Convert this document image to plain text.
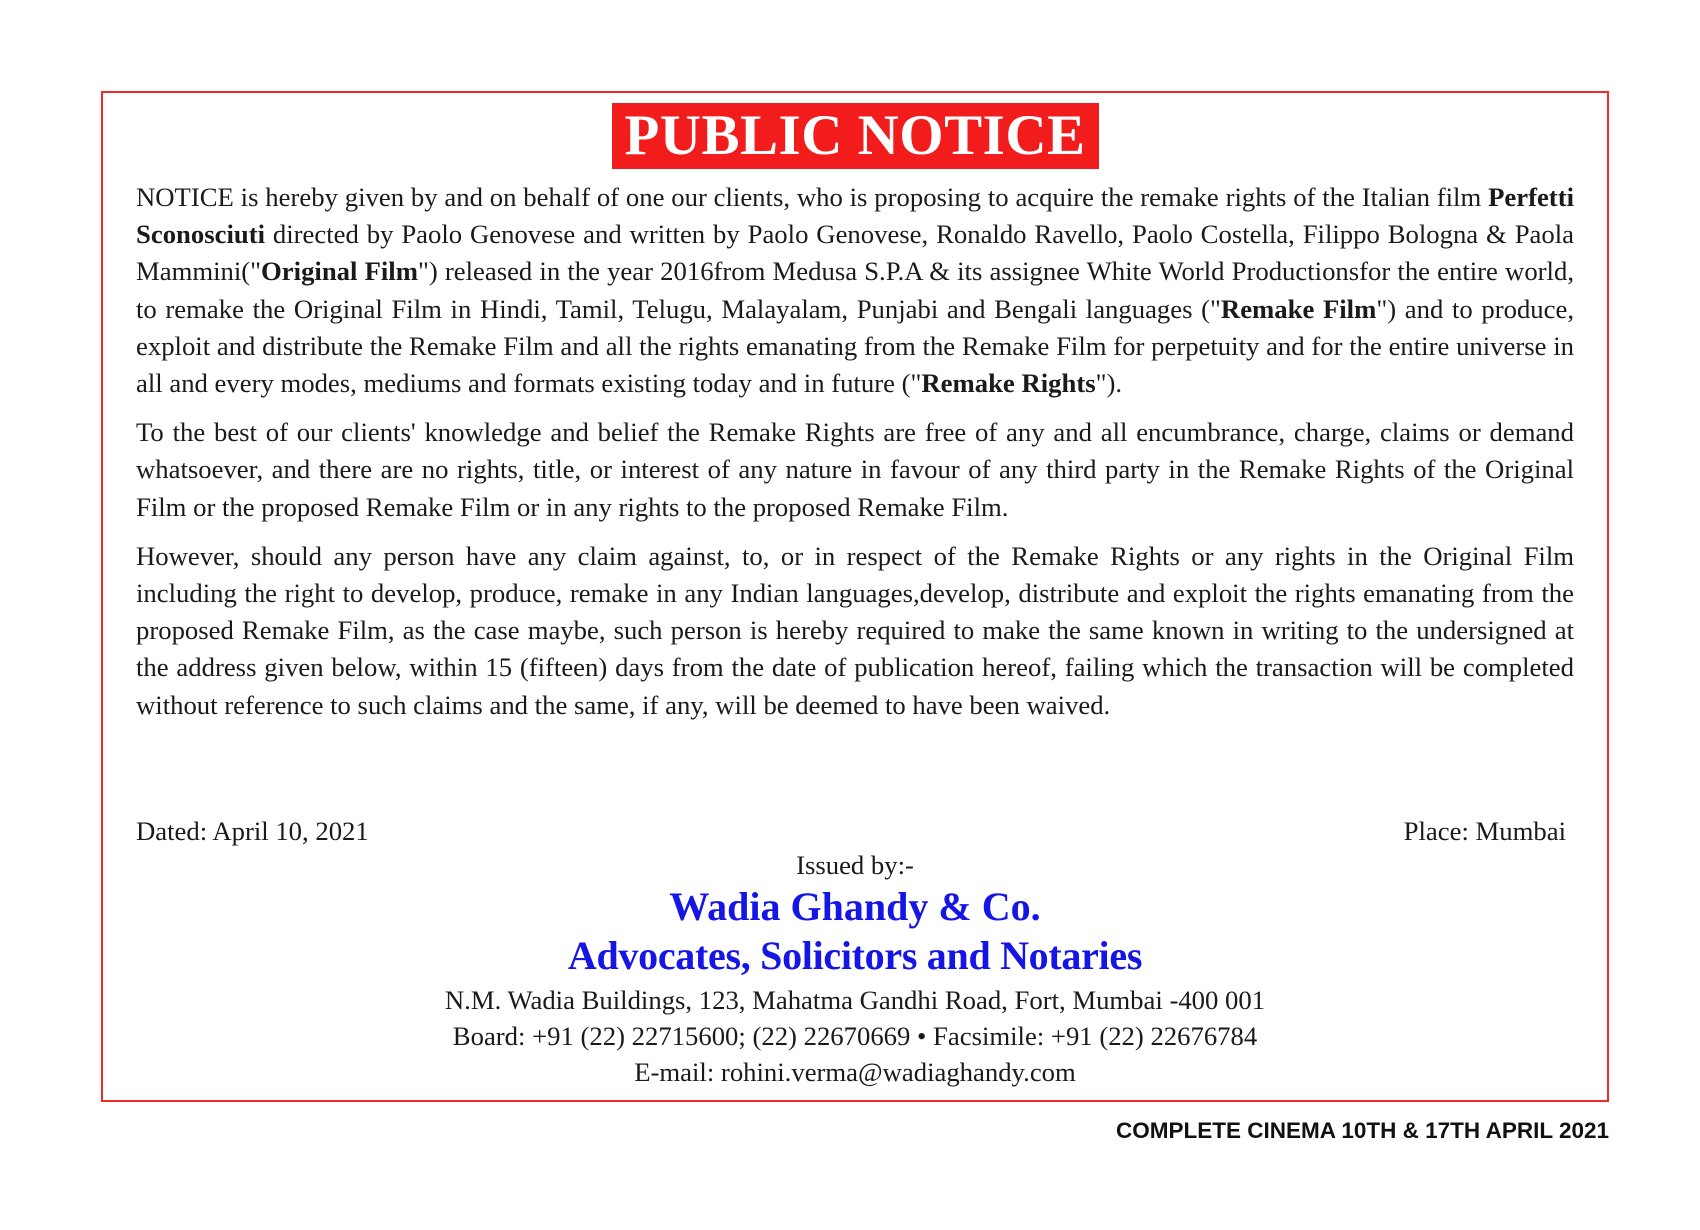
PUBLIC NOTICE

NOTICE is hereby given by and on behalf of one our clients, who is proposing to acquire the remake rights of the Italian film Perfetti Sconosciuti directed by Paolo Genovese and written by Paolo Genovese, Ronaldo Ravello, Paolo Costella, Filippo Bologna & Paola Mammini("Original Film") released in the year 2016from Medusa S.P.A & its assignee White World Productionsfor the entire world, to remake the Original Film in Hindi, Tamil, Telugu, Malayalam, Punjabi and Bengali languages ("Remake Film") and to produce, exploit and distribute the Remake Film and all the rights emanating from the Remake Film for perpetuity and for the entire universe in all and every modes, mediums and formats existing today and in future ("Remake Rights").

To the best of our clients' knowledge and belief the Remake Rights are free of any and all encumbrance, charge, claims or demand whatsoever, and there are no rights, title, or interest of any nature in favour of any third party in the Remake Rights of the Original Film or the proposed Remake Film or in any rights to the proposed Remake Film.

However, should any person have any claim against, to, or in respect of the Remake Rights or any rights in the Original Film including the right to develop, produce, remake in any Indian languages,develop, distribute and exploit the rights emanating from the proposed Remake Film, as the case maybe, such person is hereby required to make the same known in writing to the undersigned at the address given below, within 15 (fifteen) days from the date of publication hereof, failing which the transaction will be completed without reference to such claims and the same, if any, will be deemed to have been waived.

Dated: April 10, 2021	Place: Mumbai
Issued by:-
Wadia Ghandy & Co.
Advocates, Solicitors and Notaries
N.M. Wadia Buildings, 123, Mahatma Gandhi Road, Fort, Mumbai -400 001
Board: +91 (22) 22715600; (22) 22670669 • Facsimile: +91 (22) 22676784
E-mail: rohini.verma@wadiaghandy.com
COMPLETE CINEMA 10TH & 17TH APRIL 2021
